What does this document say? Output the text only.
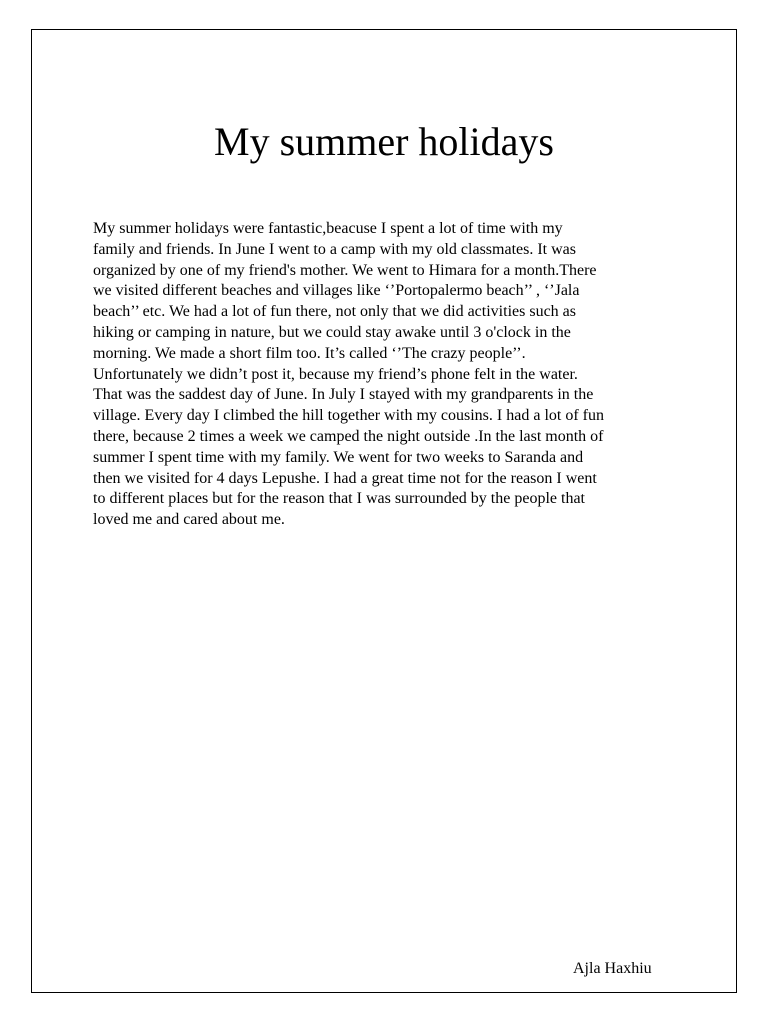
My summer holidays

My summer holidays were fantastic,beacuse I spent a lot of time with my
family and friends. In June I went to a camp with my old classmates. It was
organized by one of my friend's mother. We went to Himara for a month.There
we visited different beaches and villages like ‘’Portopalermo beach’’ , ‘’Jala
beach’’ etc. We had a lot of fun there, not only that we did activities such as
hiking or camping in nature, but we could stay awake until 3 o'clock in the
morning. We made a short film too. It’s called ‘’The crazy people’’.
Unfortunately we didn’t post it, because my friend’s phone felt in the water.
That was the saddest day of June. In July I stayed with my grandparents in the
village. Every day I climbed the hill together with my cousins. I had a lot of fun
there, because 2 times a week we camped the night outside .In the last month of
summer I spent time with my family. We went for two weeks to Saranda and
then we visited for 4 days Lepushe. I had a great time not for the reason I went
to different places but for the reason that I was surrounded by the people that
loved me and cared about me.

Ajla Haxhiu
